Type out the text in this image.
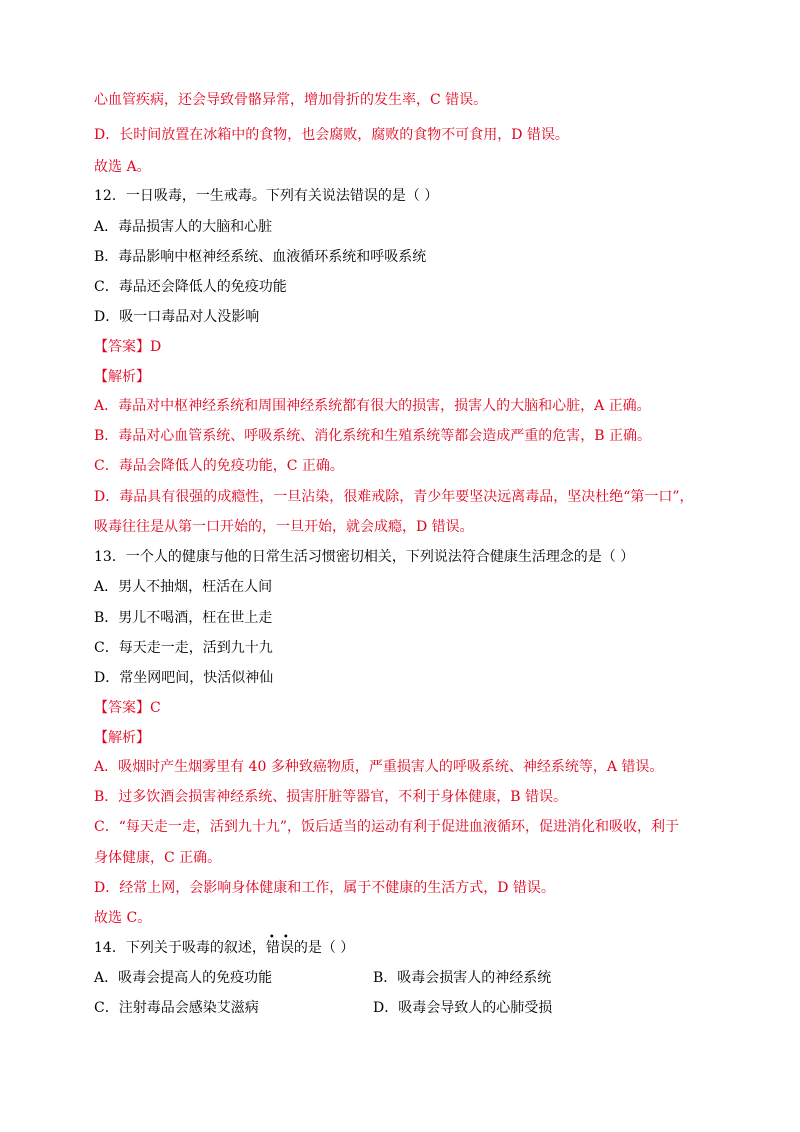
心血管疾病，还会导致骨骼异常，增加骨折的发生率，C 错误。
D．长时间放置在冰箱中的食物，也会腐败，腐败的食物不可食用，D 错误。
故选 A。
12．一日吸毒，一生戒毒。下列有关说法错误的是（ ）
A．毒品损害人的大脑和心脏
B．毒品影响中枢神经系统、血液循环系统和呼吸系统
C．毒品还会降低人的免疫功能
D．吸一口毒品对人没影响
【答案】D
【解析】
A．毒品对中枢神经系统和周围神经系统都有很大的损害，损害人的大脑和心脏，A 正确。
B．毒品对心血管系统、呼吸系统、消化系统和生殖系统等都会造成严重的危害，B 正确。
C．毒品会降低人的免疫功能，C 正确。
D．毒品具有很强的成瘾性，一旦沾染，很难戒除，青少年要坚决远离毒品，坚决杜绝“第一口”，
吸毒往往是从第一口开始的，一旦开始，就会成瘾，D 错误。
13．一个人的健康与他的日常生活习惯密切相关，下列说法符合健康生活理念的是（ ）
A．男人不抽烟，枉活在人间
B．男儿不喝酒，枉在世上走
C．每天走一走，活到九十九
D．常坐网吧间，快活似神仙
【答案】C
【解析】
A．吸烟时产生烟雾里有 40 多种致癌物质，严重损害人的呼吸系统、神经系统等，A 错误。
B．过多饮酒会损害神经系统、损害肝脏等器官，不利于身体健康，B 错误。
C．“每天走一走，活到九十九”，饭后适当的运动有利于促进血液循环，促进消化和吸收，利于
身体健康，C 正确。
D．经常上网，会影响身体健康和工作，属于不健康的生活方式，D 错误。
故选 C。
14．下列关于吸毒的叙述，
• •
错误的是（ ）
A．吸毒会提高人的免疫功能	B．吸毒会损害人的神经系统
C．注射毒品会感染艾滋病	D．吸毒会导致人的心肺受损
